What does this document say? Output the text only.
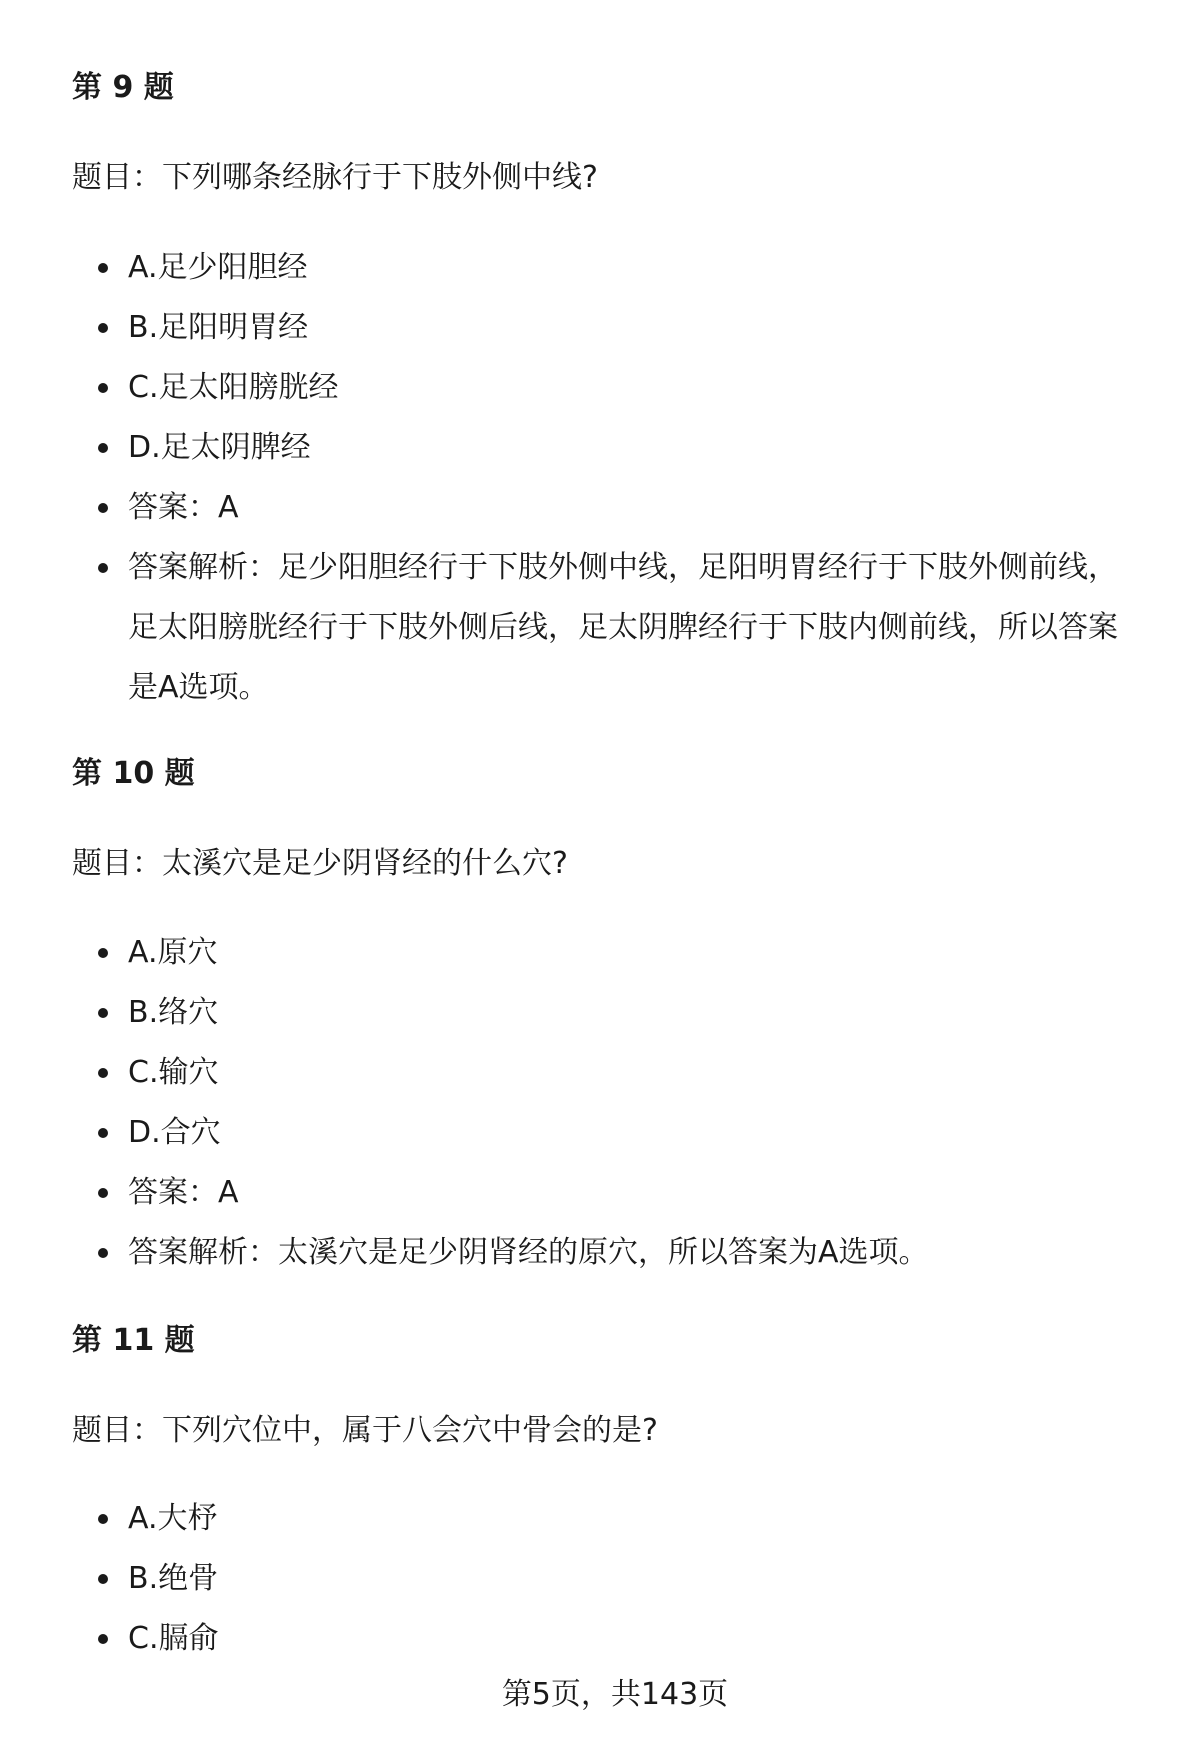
第 9 题

题目：下列哪条经脉行于下肢外侧中线?

A.足少阳胆经
B.足阳明胃经
C.足太阳膀胱经
D.足太阴脾经
答案：A
答案解析：足少阳胆经行于下肢外侧中线，足阳明胃经行于下肢外侧前线，足太阳膀胱经行于下肢外侧后线，足太阴脾经行于下肢内侧前线，所以答案是A选项。
第 10 题

题目：太溪穴是足少阴肾经的什么穴?

A.原穴
B.络穴
C.输穴
D.合穴
答案：A
答案解析：太溪穴是足少阴肾经的原穴，所以答案为A选项。
第 11 题

题目：下列穴位中，属于八会穴中骨会的是?

A.大杼
B.绝骨
C.膈俞
第5页，共143页
